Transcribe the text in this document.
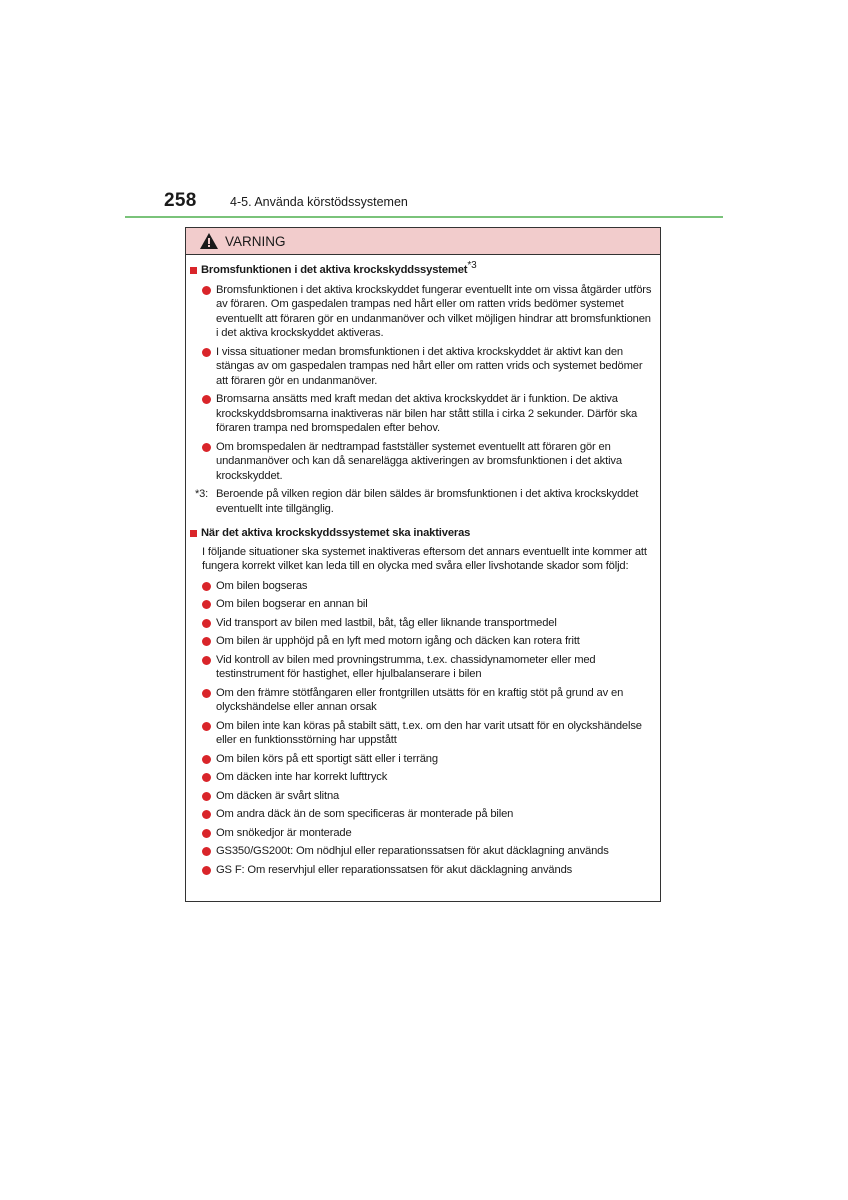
258	4-5. Använda körstödssystemen
VARNING
Bromsfunktionen i det aktiva krockskyddssystemet*3
Bromsfunktionen i det aktiva krockskyddet fungerar eventuellt inte om vissa åtgärder utförs av föraren. Om gaspedalen trampas ned hårt eller om ratten vrids bedömer systemet eventuellt att föraren gör en undanmanöver och vilket möjligen hindrar att bromsfunktionen i det aktiva krockskyddet aktiveras.
I vissa situationer medan bromsfunktionen i det aktiva krockskyddet är aktivt kan den stängas av om gaspedalen trampas ned hårt eller om ratten vrids och systemet bedömer att föraren gör en undanmanöver.
Bromsarna ansätts med kraft medan det aktiva krockskyddet är i funktion. De aktiva krockskyddsbromsarna inaktiveras när bilen har stått stilla i cirka 2 sekunder. Därför ska föraren trampa ned bromspedalen efter behov.
Om bromspedalen är nedtrampad fastställer systemet eventuellt att föraren gör en undanmanöver och kan då senarelägga aktiveringen av bromsfunktionen i det aktiva krockskyddet.
*3: Beroende på vilken region där bilen säldes är bromsfunktionen i det aktiva krockskyddet eventuellt inte tillgänglig.
När det aktiva krockskyddssystemet ska inaktiveras
I följande situationer ska systemet inaktiveras eftersom det annars eventuellt inte kommer att fungera korrekt vilket kan leda till en olycka med svåra eller livshotande skador som följd:
Om bilen bogseras
Om bilen bogserar en annan bil
Vid transport av bilen med lastbil, båt, tåg eller liknande transportmedel
Om bilen är upphöjd på en lyft med motorn igång och däcken kan rotera fritt
Vid kontroll av bilen med provningstrumma, t.ex. chassidynamometer eller med testinstrument för hastighet, eller hjulbalanserare i bilen
Om den främre stötfångaren eller frontgrillen utsätts för en kraftig stöt på grund av en olyckshändelse eller annan orsak
Om bilen inte kan köras på stabilt sätt, t.ex. om den har varit utsatt för en olyckshändelse eller en funktionsstörning har uppstått
Om bilen körs på ett sportigt sätt eller i terräng
Om däcken inte har korrekt lufttryck
Om däcken är svårt slitna
Om andra däck än de som specificeras är monterade på bilen
Om snökedjor är monterade
GS350/GS200t: Om nödhjul eller reparationssatsen för akut däcklagning används
GS F: Om reservhjul eller reparationssatsen för akut däcklagning används
